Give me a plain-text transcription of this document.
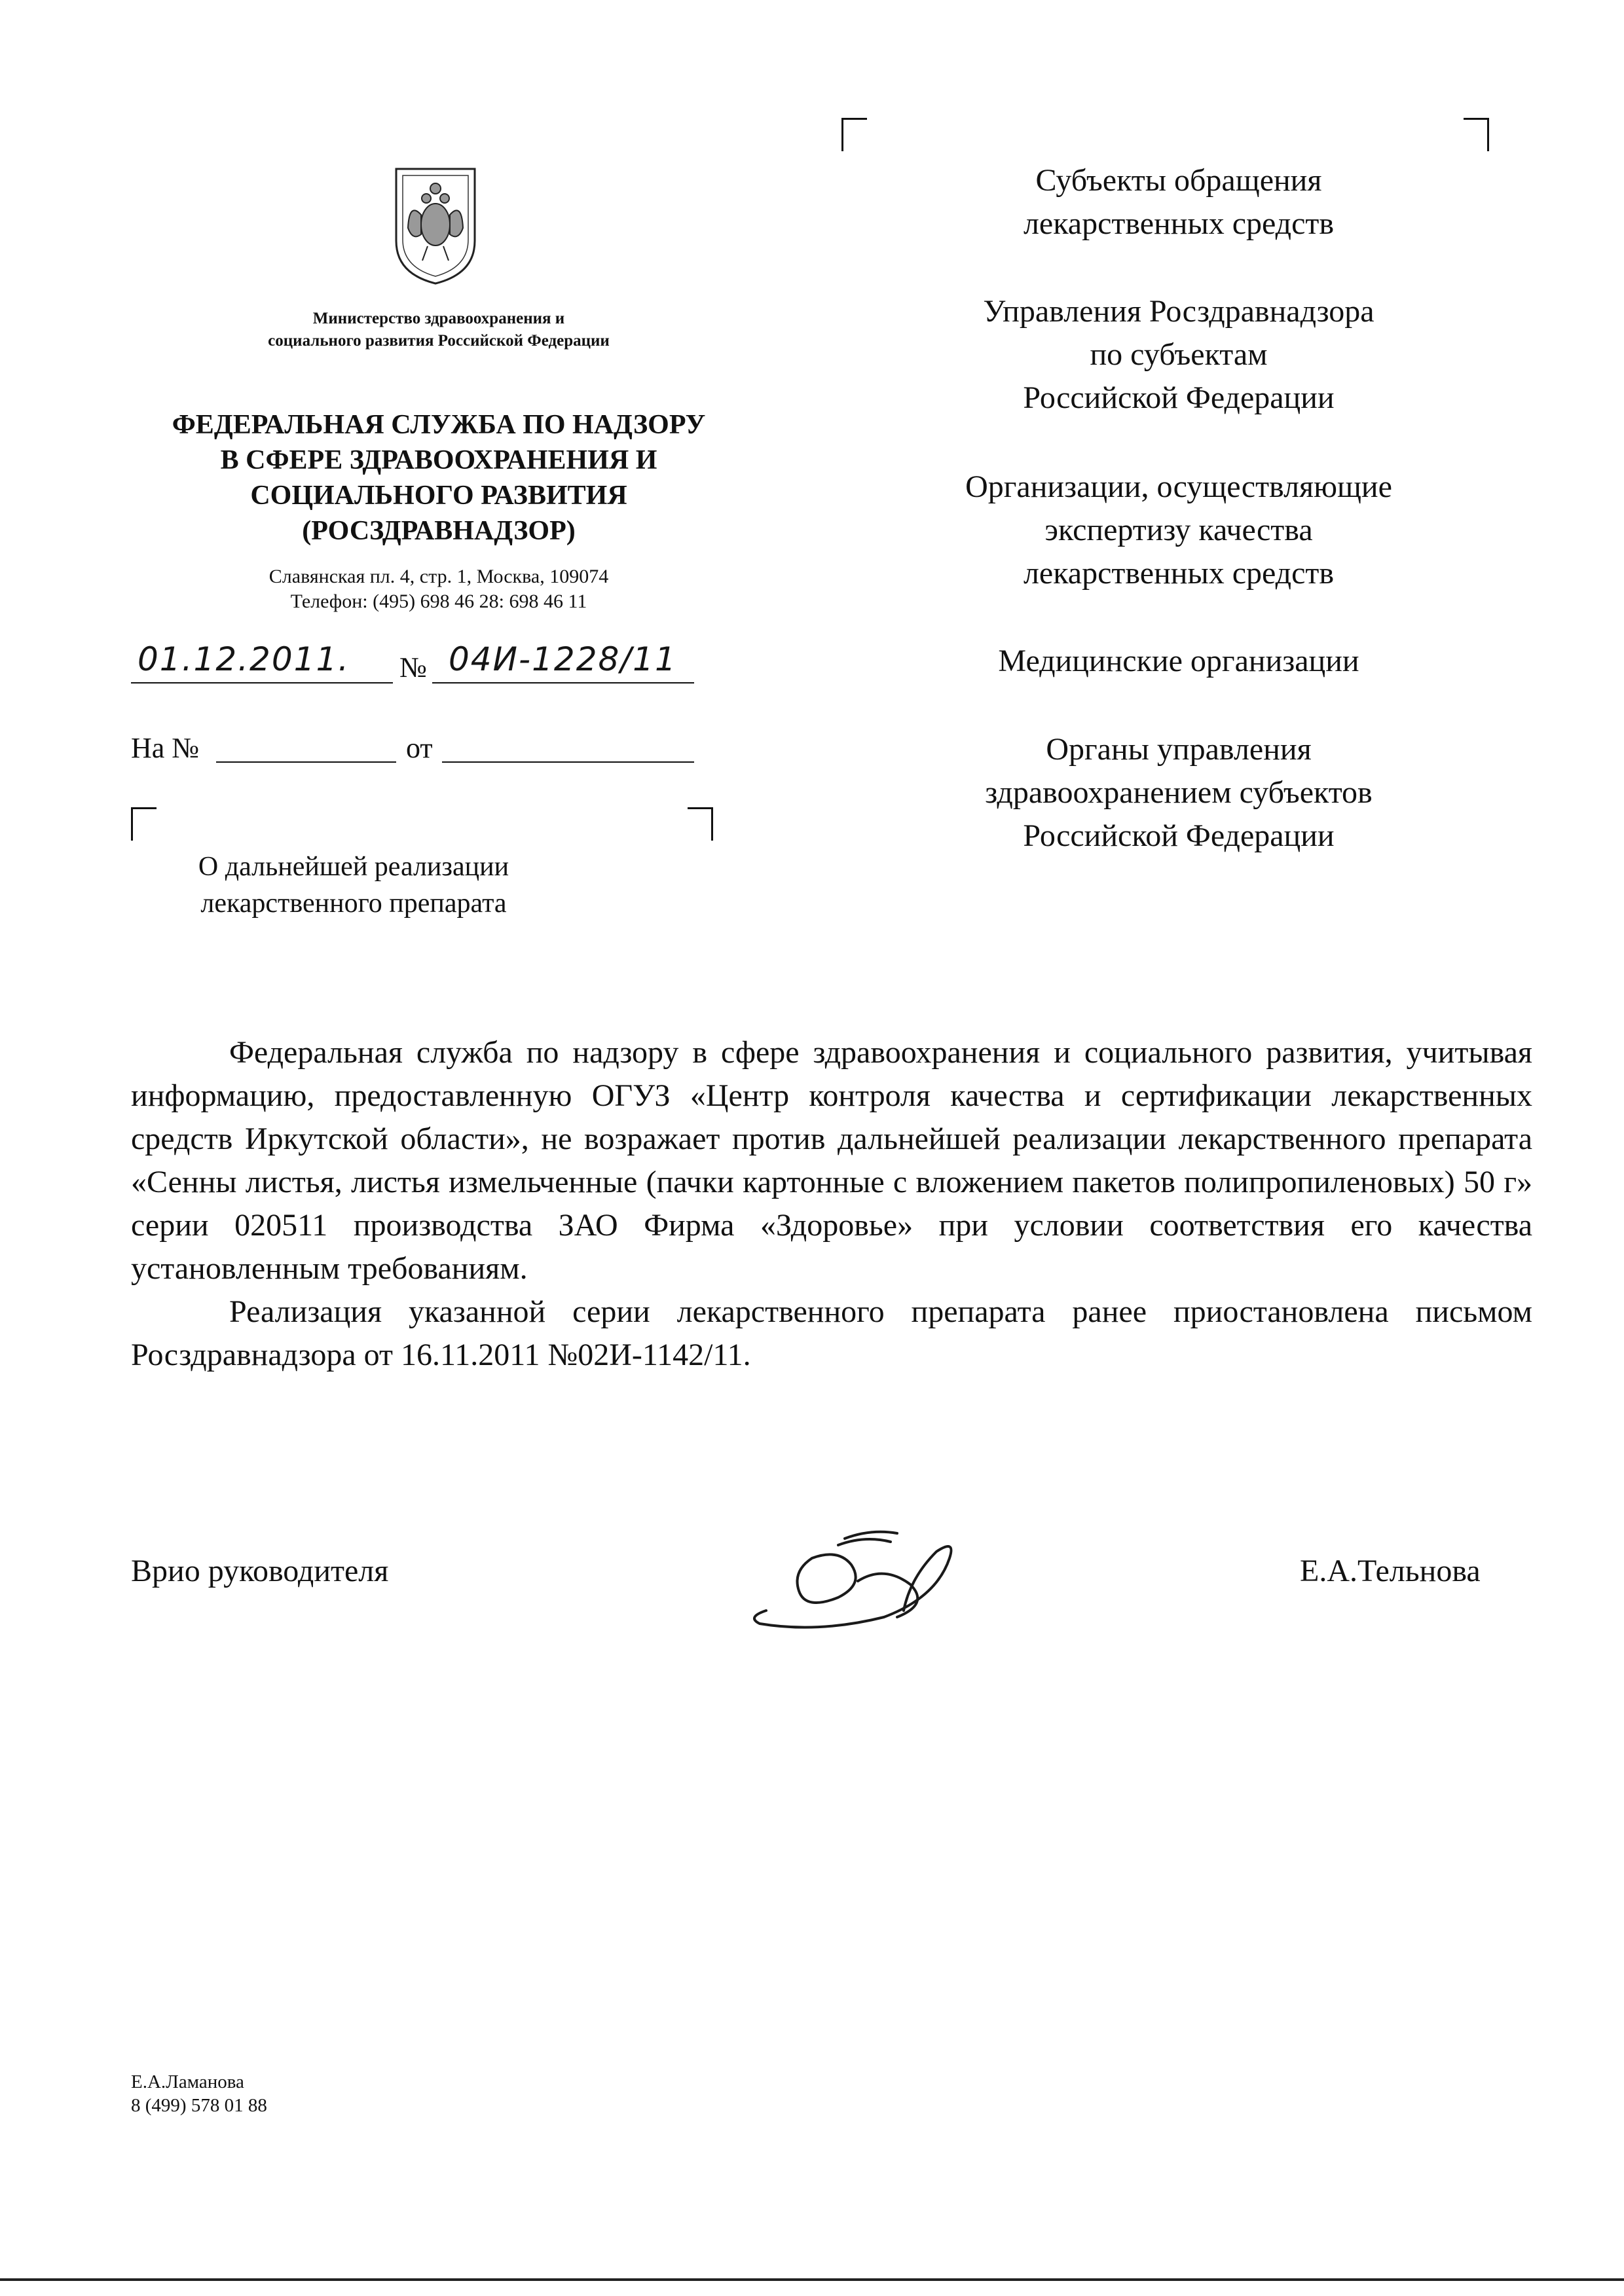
Министерство здравоохранения и
социального развития Российской Федерации
ФЕДЕРАЛЬНАЯ СЛУЖБА ПО НАДЗОРУ
В СФЕРЕ ЗДРАВООХРАНЕНИЯ И
СОЦИАЛЬНОГО РАЗВИТИЯ
(РОСЗДРАВНАДЗОР)
Славянская пл. 4, стр. 1, Москва, 109074
Телефон: (495) 698 46 28: 698 46 11
01.12.2011. № 04И-1228/11
На №	от
О дальнейшей реализации
лекарственного препарата
Субъекты обращения
лекарственных средств
Управления Росздравнадзора
по субъектам
Российской Федерации
Организации, осуществляющие
экспертизу качества
лекарственных средств
Медицинские организации
Органы управления
здравоохранением субъектов
Российской Федерации

Федеральная служба по надзору в сфере здравоохранения и социального развития, учитывая информацию, предоставленную ОГУЗ «Центр контроля качества и сертификации лекарственных средств Иркутской области», не возражает против дальнейшей реализации лекарственного препарата «Сенны листья, листья измельченные (пачки картонные с вложением пакетов полипропиленовых) 50 г» серии 020511 производства ЗАО Фирма «Здоровье» при условии соответствия его качества установленным требованиям.

Реализация указанной серии лекарственного препарата ранее приостановлена письмом Росздравнадзора от 16.11.2011 №02И-1142/11.

Врио руководителя	Е.А.Тельнова
Е.А.Ламанова
8 (499) 578 01 88
